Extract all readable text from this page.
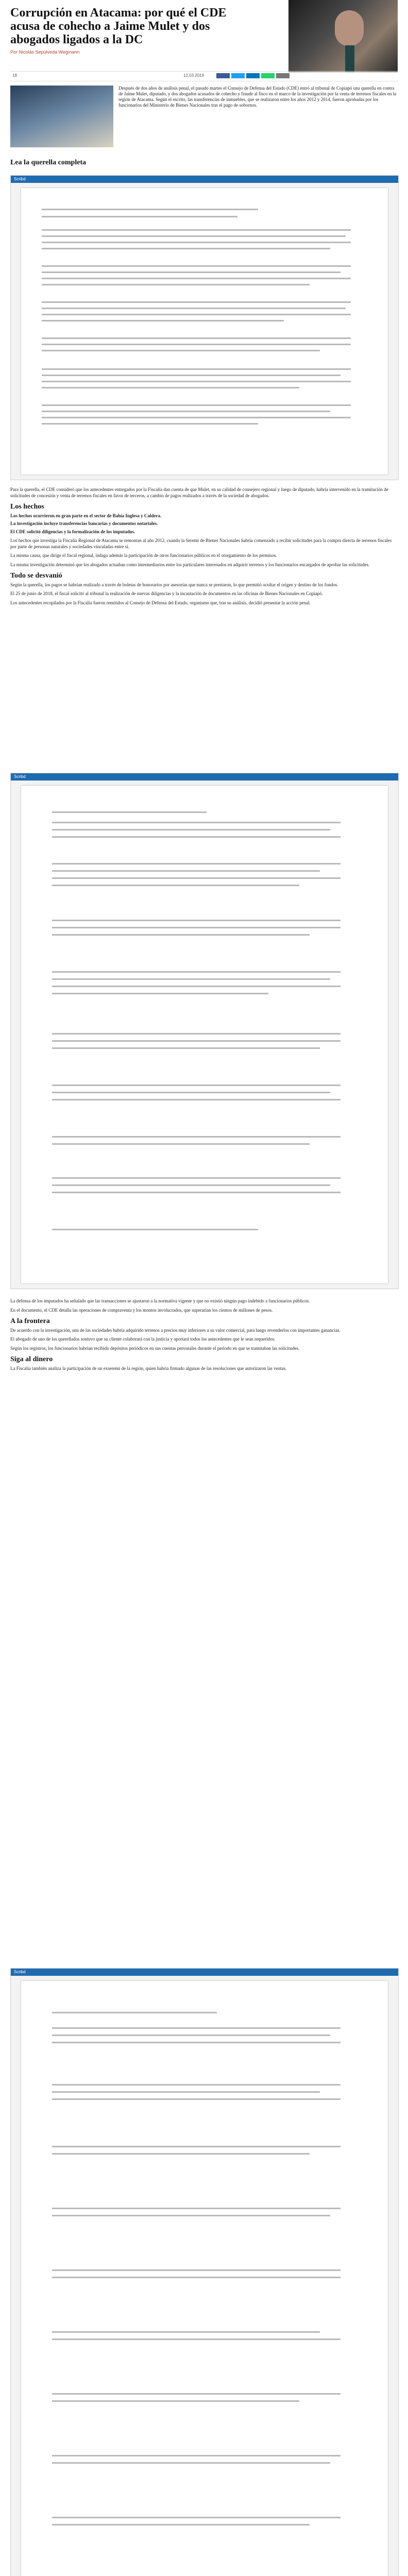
Corrupción en Atacama: por qué el CDE acusa de cohecho a Jaime Mulet y dos abogados ligados a la DC
Por Nicolás Sepúlveda Wegmann
18	12.03.2019
Después de dos años de análisis penal, el pasado martes el Consejo de Defensa del Estado (CDE) entró al tribunal de Copiapó una querella en contra de Jaime Mulet, diputado, y dos abogados acusados de cohecho y fraude al fisco en el marco de la investigación por la venta de terrenos fiscales en la región de Atacama. Según el escrito, las transferencias de inmuebles, que se realizaron entre los años 2012 y 2014, fueron aprobadas por los funcionarios del Ministerio de Bienes Nacionales tras el pago de sobornos.
Lea la querella completa
Scribd

Para la querella, el CDE consideró que los antecedentes entregados por la Fiscalía dan cuenta de que Mulet, en su calidad de consejero regional y luego de diputado, habría intervenido en la tramitación de solicitudes de concesión y venta de terrenos fiscales en favor de terceros, a cambio de pagos realizados a través de la sociedad de abogados.

Los hechos
Los hechos ocurrieron en gran parte en el sector de Bahía Inglesa y Caldera.
La investigación incluye transferencias bancarias y documentos notariales.
El CDE solicitó diligencias y la formalización de los imputados.

Los hechos que investiga la Fiscalía Regional de Atacama se remontan al año 2012, cuando la Seremi de Bienes Nacionales habría comenzado a recibir solicitudes para la compra directa de terrenos fiscales por parte de personas naturales y sociedades vinculadas entre sí.

La misma causa, que dirige el fiscal regional, indaga además la participación de otros funcionarios públicos en el otorgamiento de los permisos.

La misma investigación determinó que los abogados actuaban como intermediarios entre los particulares interesados en adquirir terrenos y los funcionarios encargados de aprobar las solicitudes.

Todo se desvanió

Según la querella, los pagos se habrían realizado a través de boletas de honorarios por asesorías que nunca se prestaron, lo que permitió ocultar el origen y destino de los fondos.

El 25 de junio de 2018, el fiscal solicitó al tribunal la realización de nuevas diligencias y la incautación de documentos en las oficinas de Bienes Nacionales en Copiapó.

Los antecedentes recopilados por la Fiscalía fueron remitidos al Consejo de Defensa del Estado, organismo que, tras su análisis, decidió presentar la acción penal.

Scribd

La defensa de los imputados ha señalado que las transacciones se ajustaron a la normativa vigente y que no existió ningún pago indebido a funcionarios públicos.

En el documento, el CDE detalla las operaciones de compraventa y los montos involucrados, que superarían los cientos de millones de pesos.

A la frontera

De acuerdo con la investigación, una de las sociedades habría adquirido terrenos a precios muy inferiores a su valor comercial, para luego revenderlos con importantes ganancias.

El abogado de uno de los querellados sostuvo que su cliente colaborará con la justicia y aportará todos los antecedentes que le sean requeridos.

Según los registros, los funcionarios habrían recibido depósitos periódicos en sus cuentas personales durante el periodo en que se tramitaban las solicitudes.

Siga al dinero

La Fiscalía también analiza la participación de un exseremi de la región, quien habría firmado algunas de las resoluciones que autorizaron las ventas.

Scribd
